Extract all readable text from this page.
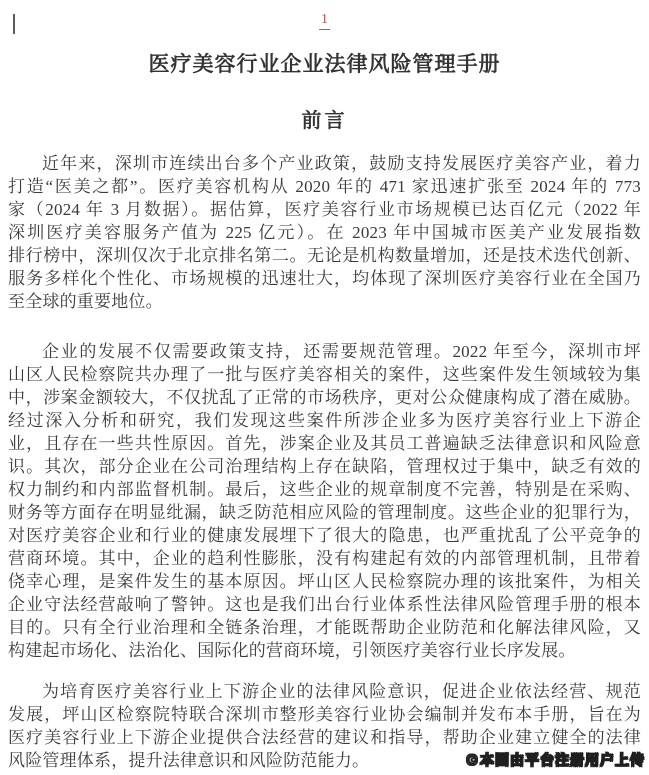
1
医疗美容行业企业法律风险管理手册
前言
近年来，深圳市连续出台多个产业政策，鼓励支持发展医疗美容产业，着力
打造“医美之都”。医疗美容机构从 2020 年的 471 家迅速扩张至 2024 年的 773
家（2024 年 3 月数据）。据估算，医疗美容行业市场规模已达百亿元（2022 年
深圳医疗美容服务产值为 225 亿元）。在 2023 年中国城市医美产业发展指数
排行榜中，深圳仅次于北京排名第二。无论是机构数量增加，还是技术迭代创新、
服务多样化个性化、市场规模的迅速壮大，均体现了深圳医疗美容行业在全国乃
至全球的重要地位。
企业的发展不仅需要政策支持，还需要规范管理。2022 年至今，深圳市坪
山区人民检察院共办理了一批与医疗美容相关的案件，这些案件发生领域较为集
中，涉案金额较大，不仅扰乱了正常的市场秩序，更对公众健康构成了潜在威胁。
经过深入分析和研究，我们发现这些案件所涉企业多为医疗美容行业上下游企
业，且存在一些共性原因。首先，涉案企业及其员工普遍缺乏法律意识和风险意
识。其次，部分企业在公司治理结构上存在缺陷，管理权过于集中，缺乏有效的
权力制约和内部监督机制。最后，这些企业的规章制度不完善，特别是在采购、
财务等方面存在明显纰漏，缺乏防范相应风险的管理制度。这些企业的犯罪行为，
对医疗美容企业和行业的健康发展埋下了很大的隐患，也严重扰乱了公平竞争的
营商环境。其中，企业的趋利性膨胀，没有构建起有效的内部管理机制，且带着
侥幸心理，是案件发生的基本原因。坪山区人民检察院办理的该批案件，为相关
企业守法经营敲响了警钟。这也是我们出台行业体系性法律风险管理手册的根本
目的。只有全行业治理和全链条治理，才能既帮助企业防范和化解法律风险，又
构建起市场化、法治化、国际化的营商环境，引领医疗美容行业长序发展。
为培育医疗美容行业上下游企业的法律风险意识，促进企业依法经营、规范
发展，坪山区检察院特联合深圳市整形美容行业协会编制并发布本手册，旨在为
医疗美容行业上下游企业提供合法经营的建议和指导，帮助企业建立健全的法律
风险管理体系，提升法律意识和风险防范能力。	©本图由平台注册用户上传
